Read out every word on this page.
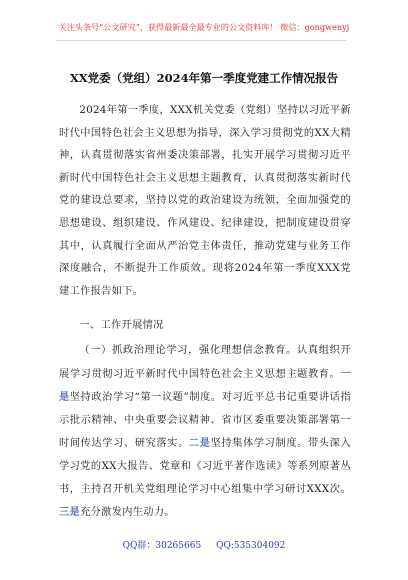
关注头条号“公文研究”，获得最新最全最专业的公文资料库！ 微信：gongwenyj
XX党委（党组）2024年第一季度党建工作情况报告

2024年第一季度，XXX机关党委（党组）坚持以习近平新时代中国特色社会主义思想为指导，深入学习贯彻党的XX大精神，认真贯彻落实省州委决策部署，扎实开展学习贯彻习近平新时代中国特色社会主义思想主题教育，认真贯彻落实新时代党的建设总要求，坚持以党的政治建设为统领，全面加强党的思想建设、组织建设、作风建设、纪律建设，把制度建设贯穿其中，认真履行全面从严治党主体责任，推动党建与业务工作深度融合，不断提升工作质效。现将2024年第一季度XXX党建工作报告如下。

一、工作开展情况

（一）抓政治理论学习，强化理想信念教育。认真组织开展学习贯彻习近平新时代中国特色社会主义思想主题教育。一是坚持政治学习“第一议题”制度。对习近平总书记重要讲话指示批示精神、中央重要会议精神、省市区委重要决策部署第一时间传达学习、研究落实。二是坚持集体学习制度。带头深入学习党的XX大报告、党章和《习近平著作选读》等系列原著丛书，主持召开机关党组理论学习中心组集中学习研讨XXX次。三是充分激发内生动力。

QQ群：30265665 QQ:535304092
